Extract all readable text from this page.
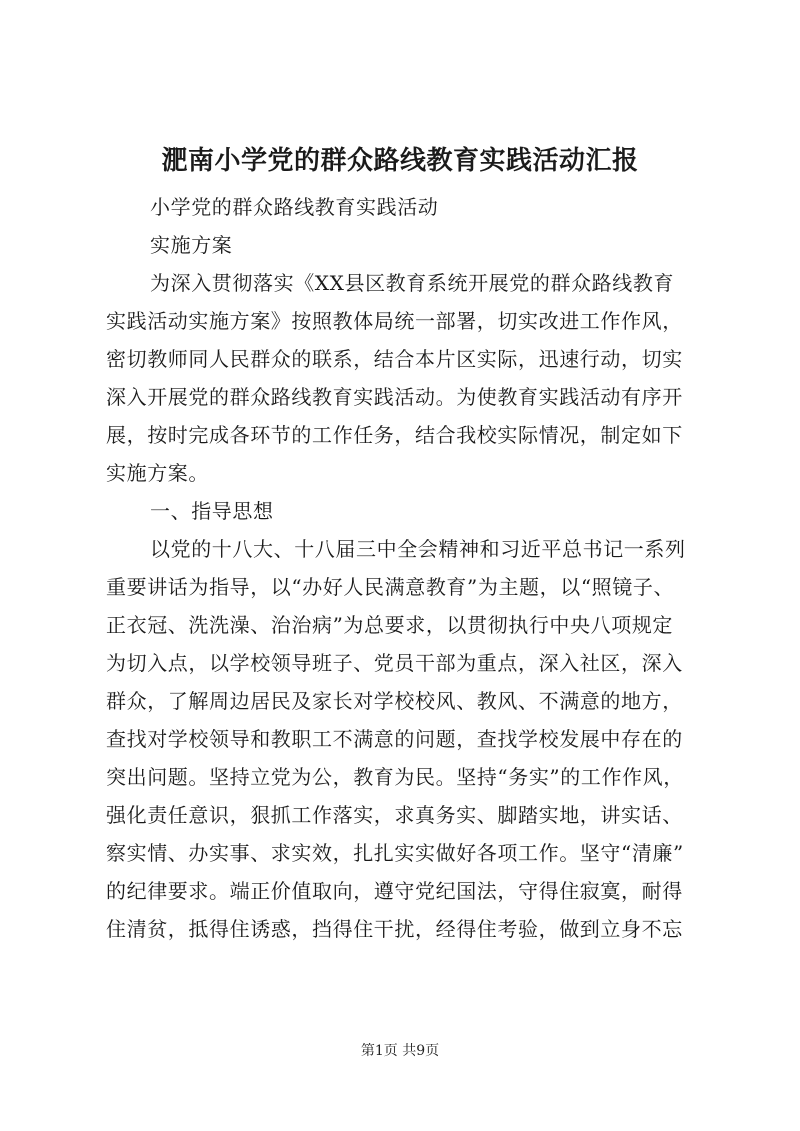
淝南小学党的群众路线教育实践活动汇报
小学党的群众路线教育实践活动
实施方案
为深入贯彻落实《XX县区教育系统开展党的群众路线教育
实践活动实施方案》按照教体局统一部署，切实改进工作作风，
密切教师同人民群众的联系，结合本片区实际，迅速行动，切实
深入开展党的群众路线教育实践活动。为使教育实践活动有序开
展，按时完成各环节的工作任务，结合我校实际情况，制定如下
实施方案。
一、指导思想
以党的十八大、十八届三中全会精神和习近平总书记一系列
重要讲话为指导，以“办好人民满意教育”为主题，以“照镜子、
正衣冠、洗洗澡、治治病”为总要求，以贯彻执行中央八项规定
为切入点，以学校领导班子、党员干部为重点，深入社区，深入
群众，了解周边居民及家长对学校校风、教风、不满意的地方，
查找对学校领导和教职工不满意的问题，查找学校发展中存在的
突出问题。坚持立党为公，教育为民。坚持“务实”的工作作风，
强化责任意识，狠抓工作落实，求真务实、脚踏实地，讲实话、
察实情、办实事、求实效，扎扎实实做好各项工作。坚守“清廉”
的纪律要求。端正价值取向，遵守党纪国法，守得住寂寞，耐得
住清贫，抵得住诱惑，挡得住干扰，经得住考验，做到立身不忘
第1页 共9页
